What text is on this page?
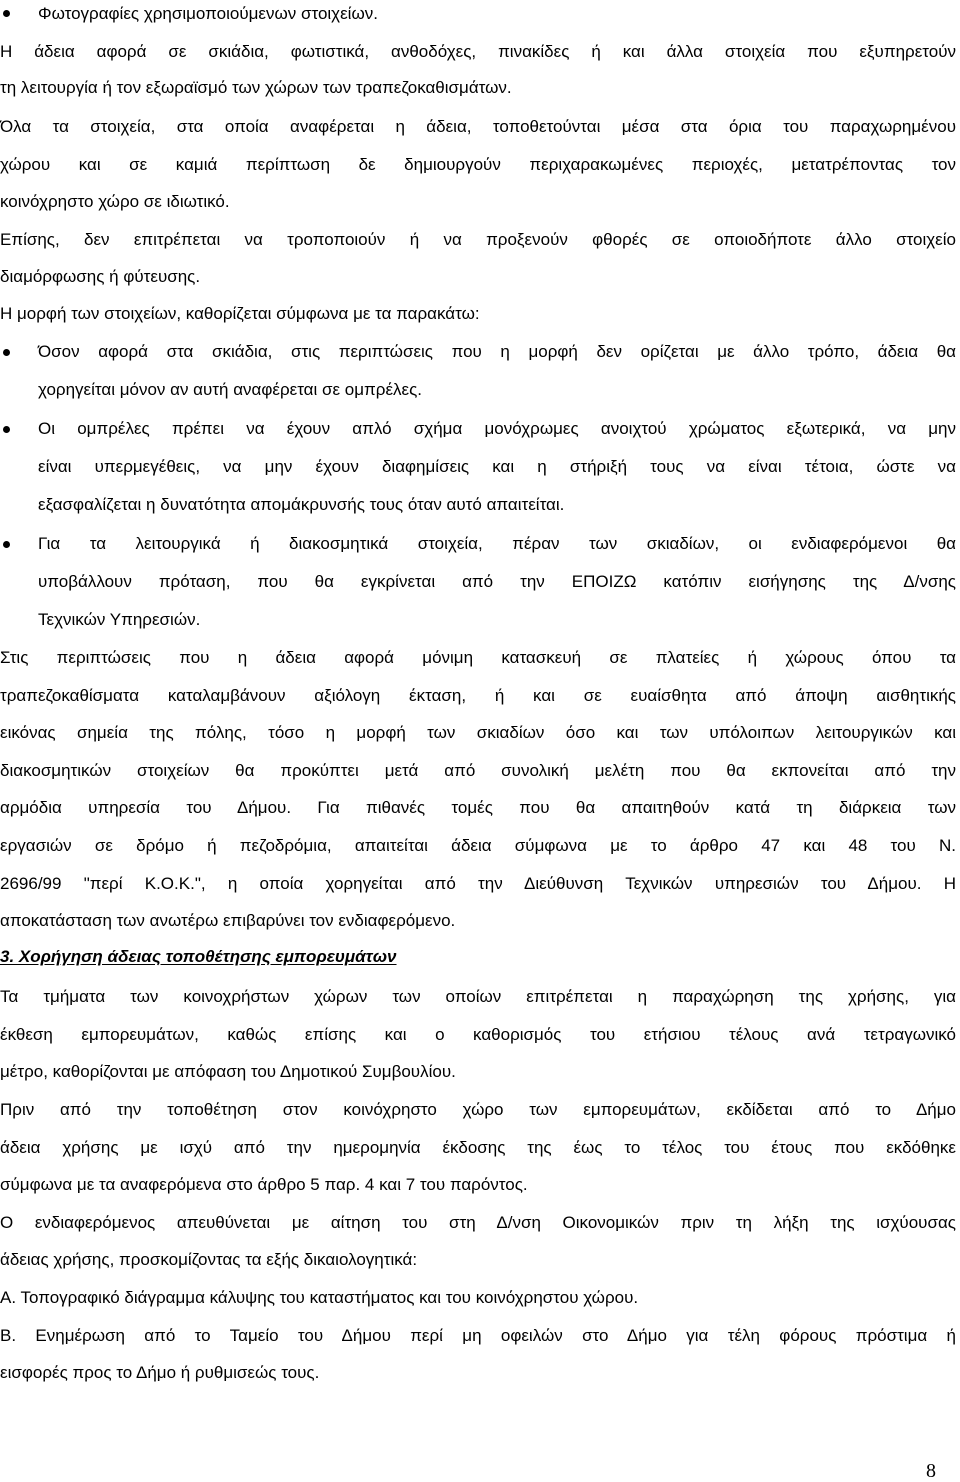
Φωτογραφίες χρησιμοποιούμενων στοιχείων.
Η άδεια αφορά σε σκιάδια, φωτιστικά, ανθοδόχες, πινακίδες ή και άλλα στοιχεία που εξυπηρετούν
τη λειτουργία ή τον εξωραϊσμό των χώρων των τραπεζοκαθισμάτων.
Όλα τα στοιχεία, στα οποία αναφέρεται η άδεια, τοποθετούνται μέσα στα όρια του παραχωρημένου
χώρου και σε καμιά περίπτωση δε δημιουργούν περιχαρακωμένες περιοχές, μετατρέποντας τον
κοινόχρηστο χώρο σε ιδιωτικό.
Επίσης, δεν επιτρέπεται να τροποποιούν ή να προξενούν φθορές σε οποιοδήποτε άλλο στοιχείο
διαμόρφωσης ή φύτευσης.
Η μορφή των στοιχείων, καθορίζεται σύμφωνα με τα παρακάτω:
Όσον αφορά στα σκιάδια, στις περιπτώσεις που η μορφή δεν ορίζεται με άλλο τρόπο, άδεια θα
χορηγείται μόνον αν αυτή αναφέρεται σε ομπρέλες.
Οι ομπρέλες πρέπει να έχουν απλό σχήμα μονόχρωμες ανοιχτού χρώματος εξωτερικά, να μην
είναι υπερμεγέθεις, να μην έχουν διαφημίσεις και η στήριξή τους να είναι τέτοια, ώστε να
εξασφαλίζεται η δυνατότητα απομάκρυνσής τους όταν αυτό απαιτείται.
Για τα λειτουργικά ή διακοσμητικά στοιχεία, πέραν των σκιαδίων, οι ενδιαφερόμενοι θα
υποβάλλουν πρόταση, που θα εγκρίνεται από την ΕΠΟΙΖΩ κατόπιν εισήγησης της Δ/νσης
Τεχνικών Υπηρεσιών.
Στις περιπτώσεις που η άδεια αφορά μόνιμη κατασκευή σε πλατείες ή χώρους όπου τα
τραπεζοκαθίσματα καταλαμβάνουν αξιόλογη έκταση, ή και σε ευαίσθητα από άποψη αισθητικής
εικόνας σημεία της πόλης, τόσο η μορφή των σκιαδίων όσο και των υπόλοιπων λειτουργικών και
διακοσμητικών στοιχείων θα προκύπτει μετά από συνολική μελέτη που θα εκπονείται από την
αρμόδια υπηρεσία του Δήμου. Για πιθανές τομές που θα απαιτηθούν κατά τη διάρκεια των
εργασιών σε δρόμο ή πεζοδρόμια, απαιτείται άδεια σύμφωνα με το άρθρο 47 και 48 του Ν.
2696/99 "περί Κ.Ο.Κ.", η οποία χορηγείται από την Διεύθυνση Τεχνικών υπηρεσιών του Δήμου. Η
αποκατάσταση των ανωτέρω επιβαρύνει τον ενδιαφερόμενο.
3. Χορήγηση άδειας τοποθέτησης εμπορευμάτων
Τα τμήματα των κοινοχρήστων χώρων των οποίων επιτρέπεται η παραχώρηση της χρήσης, για
έκθεση εμπορευμάτων, καθώς επίσης και ο καθορισμός του ετήσιου τέλους ανά τετραγωνικό
μέτρο, καθορίζονται με απόφαση του Δημοτικού Συμβουλίου.
Πριν από την τοποθέτηση στον κοινόχρηστο χώρο των εμπορευμάτων, εκδίδεται από το Δήμο
άδεια χρήσης με ισχύ από την ημερομηνία έκδοσης της έως το τέλος του έτους που εκδόθηκε
σύμφωνα με τα αναφερόμενα στο άρθρο 5 παρ. 4 και 7 του παρόντος.
Ο ενδιαφερόμενος απευθύνεται με αίτηση του στη Δ/νση Οικονομικών πριν τη λήξη της ισχύουσας
άδειας χρήσης, προσκομίζοντας τα εξής δικαιολογητικά:
Α. Τοπογραφικό διάγραμμα κάλυψης του καταστήματος και του κοινόχρηστου χώρου.
Β. Ενημέρωση από το Ταμείο του Δήμου περί μη οφειλών στο Δήμο για τέλη φόρους πρόστιμα ή
εισφορές προς το Δήμο ή ρυθμισεώς τους.
8
